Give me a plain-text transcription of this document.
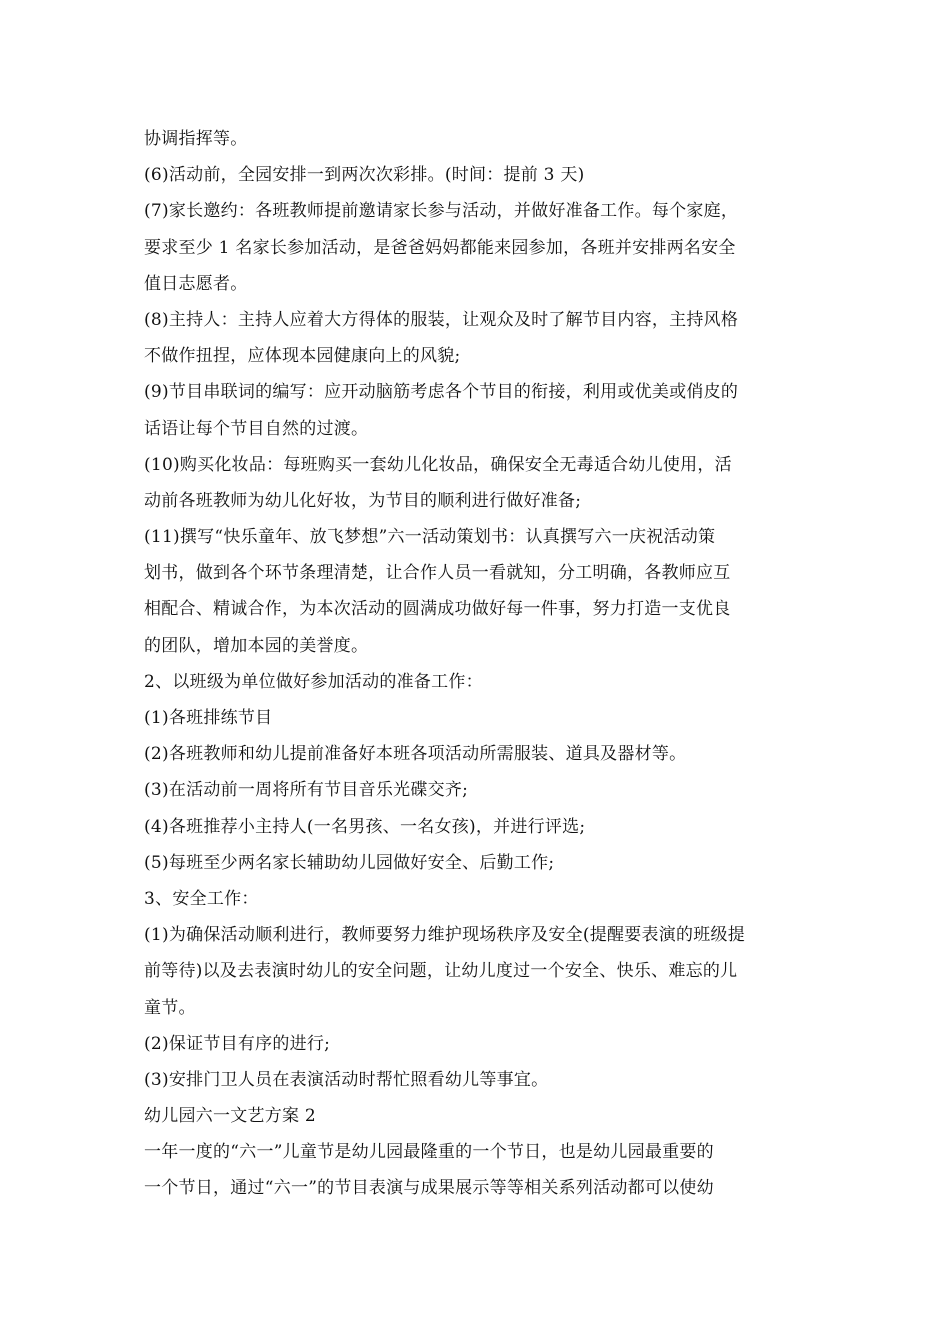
协调指挥等。
(6)活动前，全园安排一到两次次彩排。(时间：提前 3 天)
(7)家长邀约：各班教师提前邀请家长参与活动，并做好准备工作。每个家庭，
要求至少 1 名家长参加活动，是爸爸妈妈都能来园参加，各班并安排两名安全
值日志愿者。
(8)主持人：主持人应着大方得体的服装，让观众及时了解节目内容，主持风格
不做作扭捏，应体现本园健康向上的风貌;
(9)节目串联词的编写：应开动脑筋考虑各个节目的衔接，利用或优美或俏皮的
话语让每个节目自然的过渡。
(10)购买化妆品：每班购买一套幼儿化妆品，确保安全无毒适合幼儿使用，活
动前各班教师为幼儿化好妆，为节目的顺利进行做好准备;
(11)撰写“快乐童年、放飞梦想”六一活动策划书：认真撰写六一庆祝活动策
划书，做到各个环节条理清楚，让合作人员一看就知，分工明确，各教师应互
相配合、精诚合作，为本次活动的圆满成功做好每一件事，努力打造一支优良
的团队，增加本园的美誉度。
2、以班级为单位做好参加活动的准备工作：
(1)各班排练节目
(2)各班教师和幼儿提前准备好本班各项活动所需服装、道具及器材等。
(3)在活动前一周将所有节目音乐光碟交齐;
(4)各班推荐小主持人(一名男孩、一名女孩)，并进行评选;
(5)每班至少两名家长辅助幼儿园做好安全、后勤工作;
3、安全工作：
(1)为确保活动顺利进行，教师要努力维护现场秩序及安全(提醒要表演的班级提
前等待)以及去表演时幼儿的安全问题，让幼儿度过一个安全、快乐、难忘的儿
童节。
(2)保证节目有序的进行;
(3)安排门卫人员在表演活动时帮忙照看幼儿等事宜。
幼儿园六一文艺方案 2
一年一度的“六一”儿童节是幼儿园最隆重的一个节日，也是幼儿园最重要的
一个节日，通过“六一”的节目表演与成果展示等等相关系列活动都可以使幼
